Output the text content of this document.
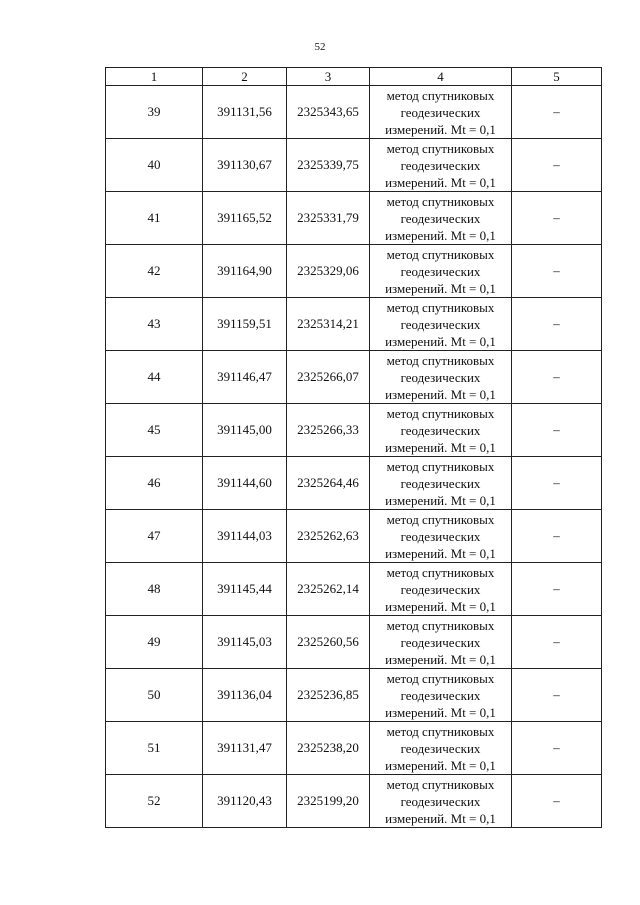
52
1	2	3	4	5
39	391131,56	2325343,65	метод спутниковых
геодезических
измерений. Mt = 0,1	–
40	391130,67	2325339,75	метод спутниковых
геодезических
измерений. Mt = 0,1	–
41	391165,52	2325331,79	метод спутниковых
геодезических
измерений. Mt = 0,1	–
42	391164,90	2325329,06	метод спутниковых
геодезических
измерений. Mt = 0,1	–
43	391159,51	2325314,21	метод спутниковых
геодезических
измерений. Mt = 0,1	–
44	391146,47	2325266,07	метод спутниковых
геодезических
измерений. Mt = 0,1	–
45	391145,00	2325266,33	метод спутниковых
геодезических
измерений. Mt = 0,1	–
46	391144,60	2325264,46	метод спутниковых
геодезических
измерений. Mt = 0,1	–
47	391144,03	2325262,63	метод спутниковых
геодезических
измерений. Mt = 0,1	–
48	391145,44	2325262,14	метод спутниковых
геодезических
измерений. Mt = 0,1	–
49	391145,03	2325260,56	метод спутниковых
геодезических
измерений. Mt = 0,1	–
50	391136,04	2325236,85	метод спутниковых
геодезических
измерений. Mt = 0,1	–
51	391131,47	2325238,20	метод спутниковых
геодезических
измерений. Mt = 0,1	–
52	391120,43	2325199,20	метод спутниковых
геодезических
измерений. Mt = 0,1	–
